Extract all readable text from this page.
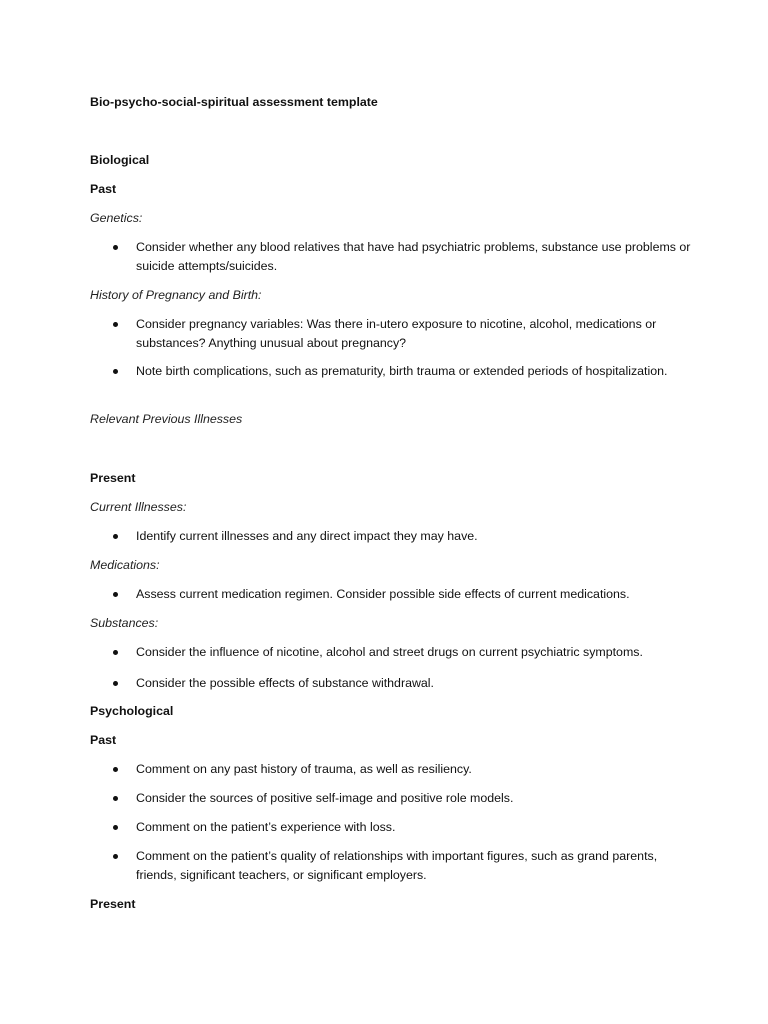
Bio-psycho-social-spiritual assessment template
Biological
Past
Genetics:
Consider whether any blood relatives that have had psychiatric problems, substance use problems or suicide attempts/suicides.
History of Pregnancy and Birth:
Consider pregnancy variables: Was there in-utero exposure to nicotine, alcohol, medications or substances? Anything unusual about pregnancy?
Note birth complications, such as prematurity, birth trauma or extended periods of hospitalization.
Relevant Previous Illnesses
Present
Current Illnesses:
Identify current illnesses and any direct impact they may have.
Medications:
Assess current medication regimen. Consider possible side effects of current medications.
Substances:
Consider the influence of nicotine, alcohol and street drugs on current psychiatric symptoms.
Consider the possible effects of substance withdrawal.
Psychological
Past
Comment on any past history of trauma, as well as resiliency.
Consider the sources of positive self-image and positive role models.
Comment on the patient’s experience with loss.
Comment on the patient’s quality of relationships with important figures, such as grand parents, friends, significant teachers, or significant employers.
Present
